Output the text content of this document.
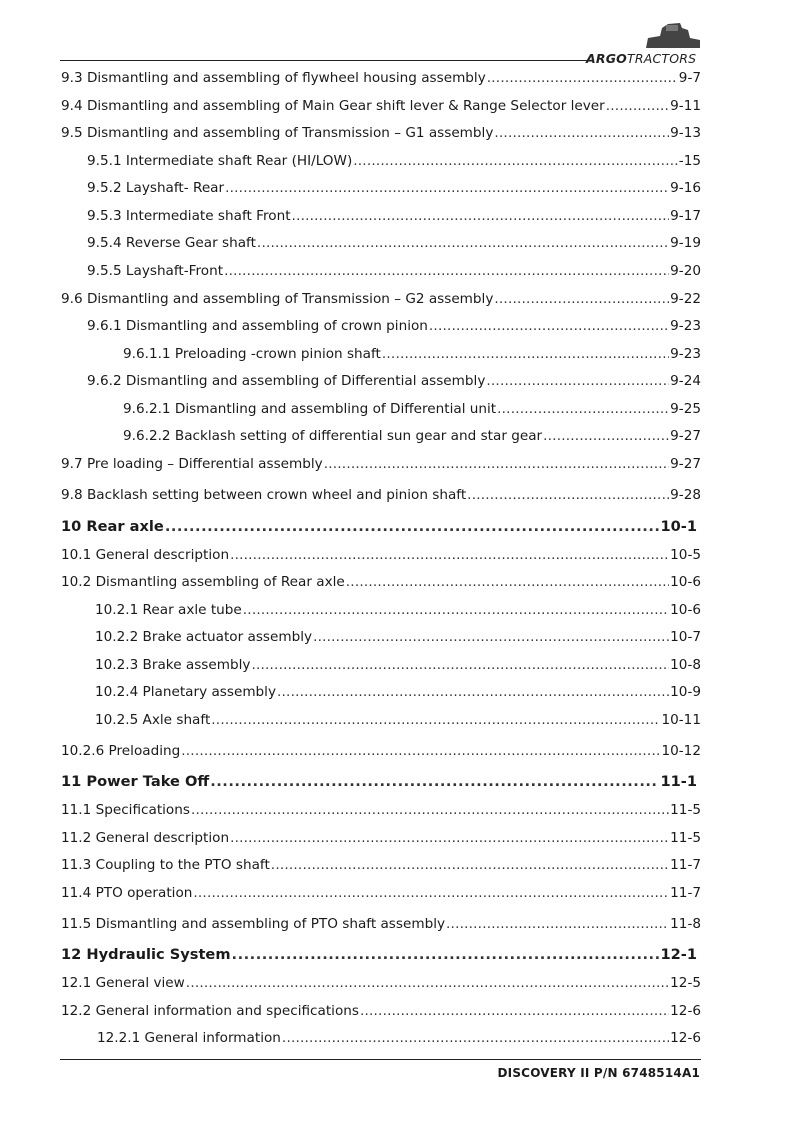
ARGOTRACTORS
9.3 Dismantling and assembling of flywheel housing assembly .....	9-7
9.4 Dismantling and assembling of Main Gear shift lever & Range Selector lever .....	9-11
9.5 Dismantling and assembling of Transmission – G1 assembly .....	9-13
9.5.1 Intermediate shaft Rear (HI/LOW) .....	-15
9.5.2 Layshaft- Rear .....	9-16
9.5.3 Intermediate shaft Front .....	9-17
9.5.4 Reverse Gear shaft .....	9-19
9.5.5 Layshaft-Front .....	9-20
9.6 Dismantling and assembling of Transmission – G2 assembly .....	9-22
9.6.1 Dismantling and assembling of crown pinion .....	9-23
9.6.1.1 Preloading -crown pinion shaft .....	9-23
9.6.2 Dismantling and assembling of Differential assembly .....	9-24
9.6.2.1 Dismantling and assembling of Differential unit .....	9-25
9.6.2.2 Backlash setting of differential sun gear and star gear .....	9-27
9.7 Pre loading – Differential assembly .....	9-27
9.8 Backlash setting between crown wheel and pinion shaft .....	9-28
10 Rear axle .....	10-1
10.1 General description .....	10-5
10.2 Dismantling assembling of Rear axle .....	10-6
10.2.1 Rear axle tube .....	10-6
10.2.2 Brake actuator assembly .....	10-7
10.2.3 Brake assembly .....	10-8
10.2.4 Planetary assembly .....	10-9
10.2.5 Axle shaft .....	10-11
10.2.6 Preloading .....	10-12
11 Power Take Off .....	11-1
11.1 Specifications .....	11-5
11.2 General description .....	11-5
11.3 Coupling to the PTO shaft .....	11-7
11.4 PTO operation .....	11-7
11.5 Dismantling and assembling of PTO shaft assembly .....	11-8
12 Hydraulic System .....	12-1
12.1 General view .....	12-5
12.2 General information and specifications .....	12-6
12.2.1 General information .....	12-6
DISCOVERY II P/N 6748514A1
